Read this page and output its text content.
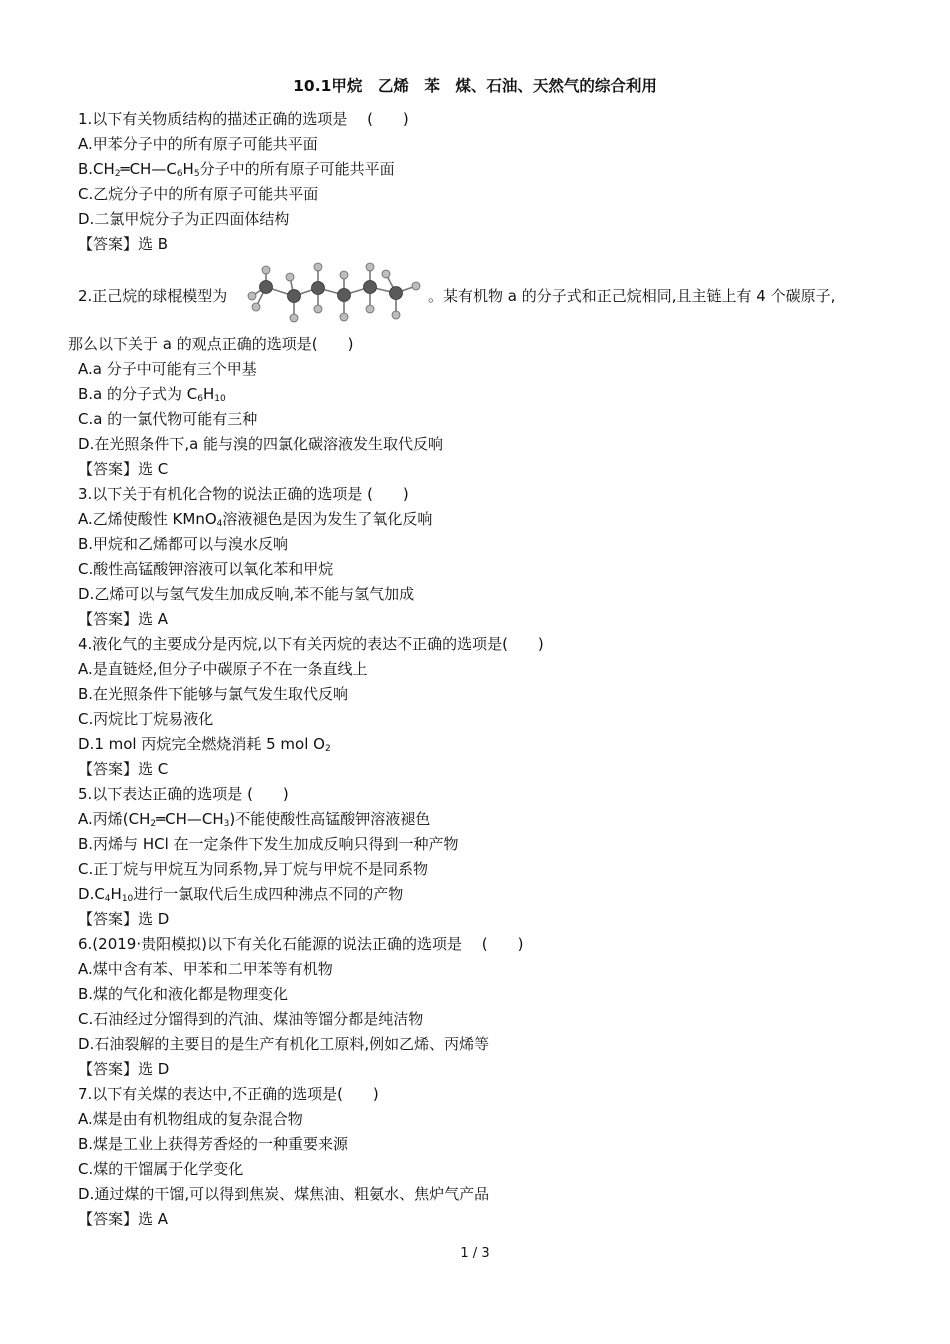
10.1甲烷　乙烯　苯　煤、石油、天然气的综合利用
1.以下有关物质结构的描述正确的选项是　 (　　)
A.甲苯分子中的所有原子可能共平面
$B.CH_2═CH—C_6H_5$分子中的所有原子可能共平面
C.乙烷分子中的所有原子可能共平面
D.二氯甲烷分子为正四面体结构
【答案】选 B
2.正己烷的球棍模型为	。某有机物 a 的分子式和正己烷相同,且主链上有 4 个碳原子,
那么以下关于 a 的观点正确的选项是(　　)
A.a 分子中可能有三个甲基
B.a 的分子式为 $C_6H_{10}$
C.a 的一氯代物可能有三种
D.在光照条件下,a 能与溴的四氯化碳溶液发生取代反响
【答案】选 C
3.以下关于有机化合物的说法正确的选项是 (　　)
A.乙烯使酸性 KMnO$_4$溶液褪色是因为发生了氧化反响
B.甲烷和乙烯都可以与溴水反响
C.酸性高锰酸钾溶液可以氧化苯和甲烷
D.乙烯可以与氢气发生加成反响,苯不能与氢气加成
【答案】选 A
4.液化气的主要成分是丙烷,以下有关丙烷的表达不正确的选项是(　　)
A.是直链烃,但分子中碳原子不在一条直线上
B.在光照条件下能够与氯气发生取代反响
C.丙烷比丁烷易液化
D.1 mol 丙烷完全燃烧消耗 5 mol $O_2$
【答案】选 C
5.以下表达正确的选项是 (　　)
A.丙烯$(CH_2═CH—CH_3)$不能使酸性高锰酸钾溶液褪色
B.丙烯与 HCl 在一定条件下发生加成反响只得到一种产物
C.正丁烷与甲烷互为同系物,异丁烷与甲烷不是同系物
$D.C_4H_{10}$进行一氯取代后生成四种沸点不同的产物
【答案】选 D
6.(2019·贵阳模拟)以下有关化石能源的说法正确的选项是　 (　　)
A.煤中含有苯、甲苯和二甲苯等有机物
B.煤的气化和液化都是物理变化
C.石油经过分馏得到的汽油、煤油等馏分都是纯洁物
D.石油裂解的主要目的是生产有机化工原料,例如乙烯、丙烯等
【答案】选 D
7.以下有关煤的表达中,不正确的选项是(　　)
A.煤是由有机物组成的复杂混合物
B.煤是工业上获得芳香烃的一种重要来源
C.煤的干馏属于化学变化
D.通过煤的干馏,可以得到焦炭、煤焦油、粗氨水、焦炉气产品
【答案】选 A
1 / 3
